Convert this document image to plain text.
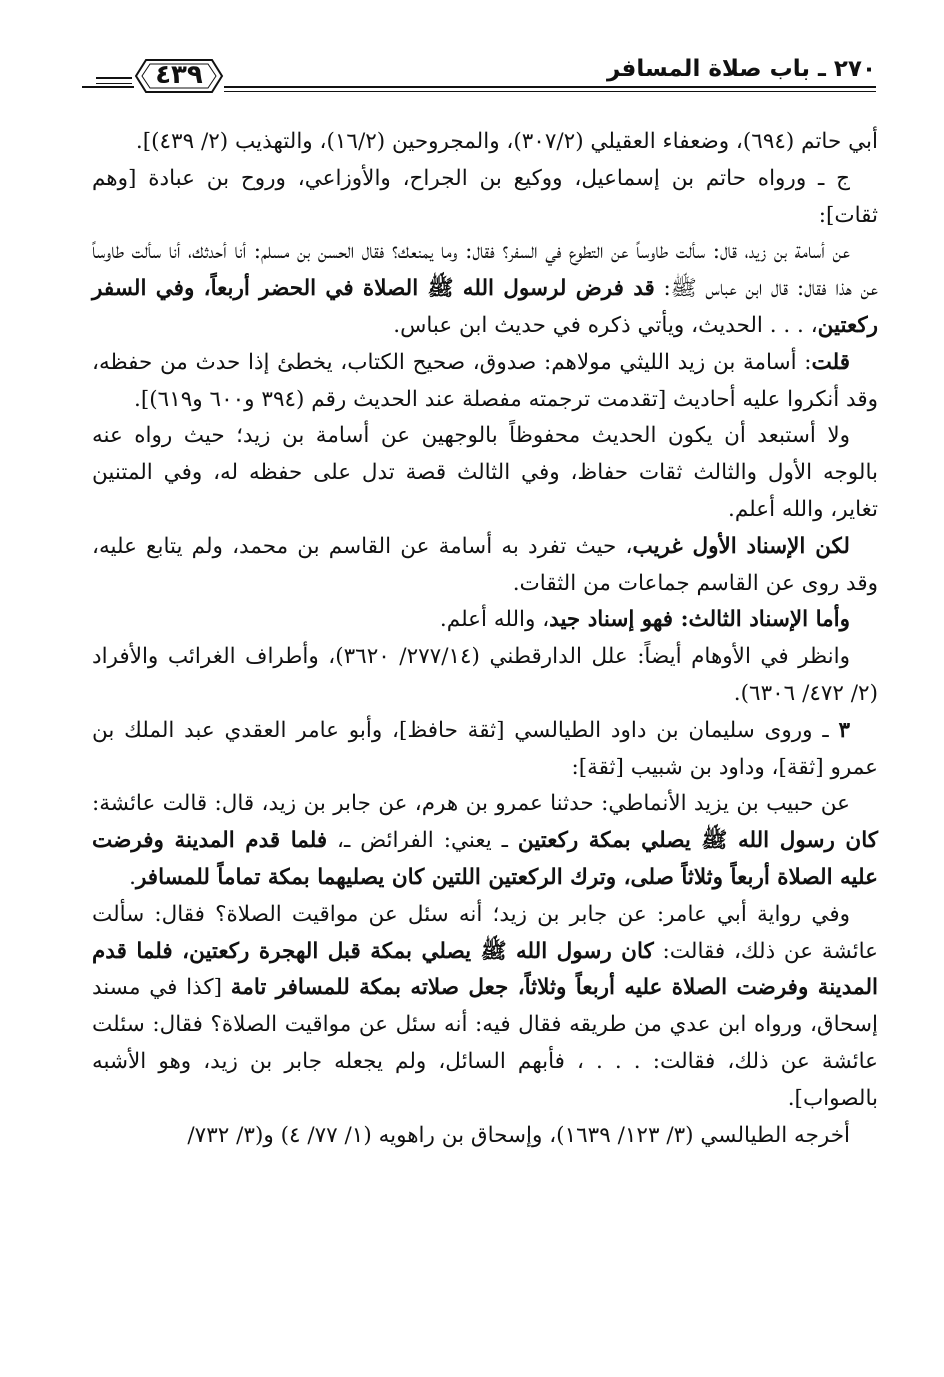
٤٣٩	٢٧٠ ـ باب صلاة المسافر

أبي حاتم (٦٩٤)، وضعفاء العقيلي (٣٠٧/٢)، والمجروحين (١٦/٢)، والتهذيب (٢/ ٤٣٩)].

ج ـ ورواه حاتم بن إسماعيل، ووكيع بن الجراح، والأوزاعي، وروح بن عبادة [وهم ثقات]:

عن أسامة بن زيد، قال: سألت طاوساً عن التطوع في السفر؟ فقال: وما يمنعك؟ فقال الحسن بن مسلم: أنا أحدثك، أنا سألت طاوساً عن هذا فقال: قال ابن عباس ﷺ: قد فرض لرسول الله ﷺ الصلاة في الحضر أربعاً، وفي السفر ركعتين، . . . الحديث، ويأتي ذكره في حديث ابن عباس.

قلت: أسامة بن زيد الليثي مولاهم: صدوق، صحيح الكتاب، يخطئ إذا حدث من حفظه، وقد أنكروا عليه أحاديث [تقدمت ترجمته مفصلة عند الحديث رقم (٣٩٤ و٦٠٠ و٦١٩)].

ولا أستبعد أن يكون الحديث محفوظاً بالوجهين عن أسامة بن زيد؛ حيث رواه عنه بالوجه الأول والثالث ثقات حفاظ، وفي الثالث قصة تدل على حفظه له، وفي المتنين تغاير، والله أعلم.

لكن الإسناد الأول غريب، حيث تفرد به أسامة عن القاسم بن محمد، ولم يتابع عليه، وقد روى عن القاسم جماعات من الثقات.

وأما الإسناد الثالث: فهو إسناد جيد، والله أعلم.

وانظر في الأوهام أيضاً: علل الدارقطني (٢٧٧/١٤/ ٣٦٢٠)، وأطراف الغرائب والأفراد (٢/ ٤٧٢/ ٦٣٠٦).

٣ ـ وروى سليمان بن داود الطيالسي [ثقة حافظ]، وأبو عامر العقدي عبد الملك بن عمرو [ثقة]، وداود بن شبيب [ثقة]:

عن حبيب بن يزيد الأنماطي: حدثنا عمرو بن هرم، عن جابر بن زيد، قال: قالت عائشة: كان رسول الله ﷺ يصلي بمكة ركعتين ـ يعني: الفرائض ـ، فلما قدم المدينة وفرضت عليه الصلاة أربعاً وثلاثاً صلى، وترك الركعتين اللتين كان يصليهما بمكة تماماً للمسافر.

وفي رواية أبي عامر: عن جابر بن زيد؛ أنه سئل عن مواقيت الصلاة؟ فقال: سألت عائشة عن ذلك، فقالت: كان رسول الله ﷺ يصلي بمكة قبل الهجرة ركعتين، فلما قدم المدينة وفرضت الصلاة عليه أربعاً وثلاثاً، جعل صلاته بمكة للمسافر تامة [كذا في مسند إسحاق، ورواه ابن عدي من طريقه فقال فيه: أنه سئل عن مواقيت الصلاة؟ فقال: سئلت عائشة عن ذلك، فقالت: . . . ، فأبهم السائل، ولم يجعله جابر بن زيد، وهو الأشبه بالصواب].

أخرجه الطيالسي (٣/ ١٢٣/ ١٦٣٩)، وإسحاق بن راهويه (١/ ٧٧/ ٤) و(٣/ ٧٣٢/
